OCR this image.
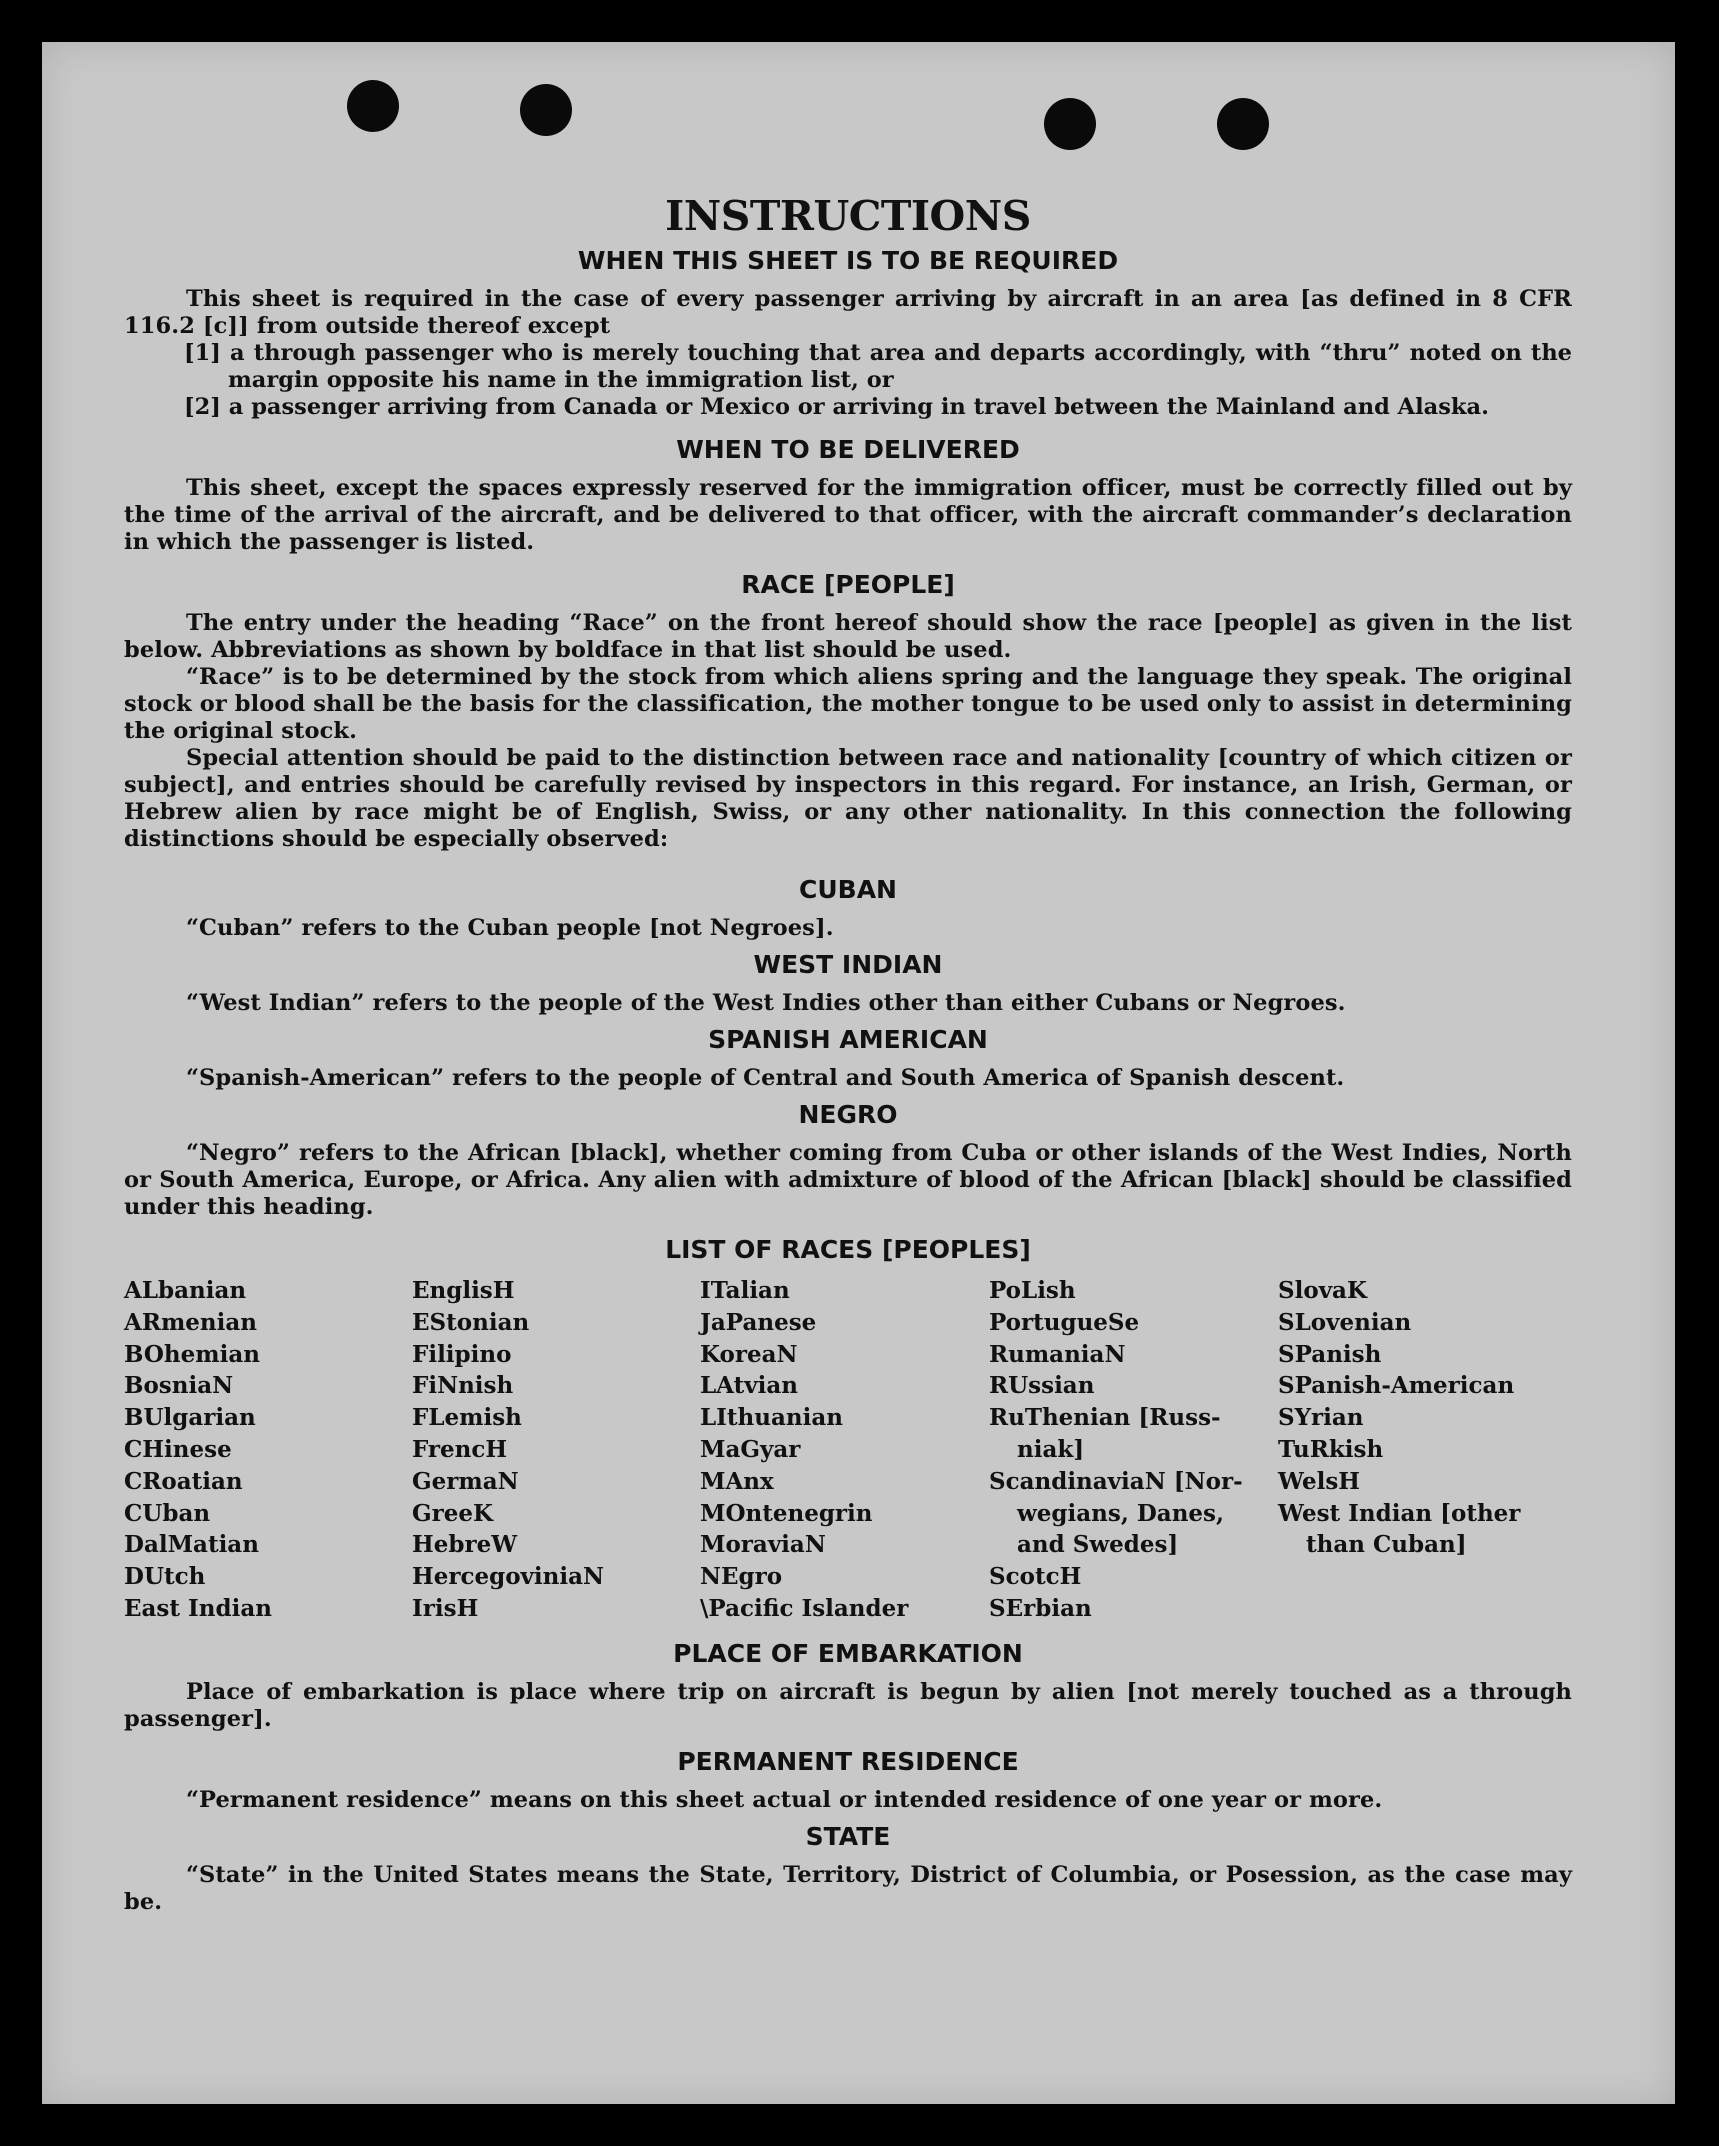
INSTRUCTIONS
WHEN THIS SHEET IS TO BE REQUIRED

This sheet is required in the case of every passenger arriving by aircraft in an area [as defined in 8 CFR 116.2 [c]] from outside thereof except

[1] a through passenger who is merely touching that area and departs accordingly, with “thru” noted on the margin opposite his name in the immigration list, or
[2] a passenger arriving from Canada or Mexico or arriving in travel between the Mainland and Alaska.
WHEN TO BE DELIVERED

This sheet, except the spaces expressly reserved for the immigration officer, must be correctly filled out by the time of the arrival of the aircraft, and be delivered to that officer, with the aircraft commander’s declaration in which the passenger is listed.

RACE [PEOPLE]

The entry under the heading “Race” on the front hereof should show the race [people] as given in the list below. Abbreviations as shown by boldface in that list should be used.

“Race” is to be determined by the stock from which aliens spring and the language they speak. The original stock or blood shall be the basis for the classification, the mother tongue to be used only to assist in determining the original stock.

Special attention should be paid to the distinction between race and nationality [country of which citizen or subject], and entries should be carefully revised by inspectors in this regard. For instance, an Irish, German, or Hebrew alien by race might be of English, Swiss, or any other nationality. In this connection the following distinctions should be especially observed:

CUBAN

“Cuban” refers to the Cuban people [not Negroes].

WEST INDIAN

“West Indian” refers to the people of the West Indies other than either Cubans or Negroes.

SPANISH AMERICAN

“Spanish-American” refers to the people of Central and South America of Spanish descent.

NEGRO

“Negro” refers to the African [black], whether coming from Cuba or other islands of the West Indies, North or South America, Europe, or Africa. Any alien with admixture of blood of the African [black] should be classified under this heading.

LIST OF RACES [PEOPLES]
ALbanian
ARmenian
BOhemian
BosniaN
BUlgarian
CHinese
CRoatian
CUban
DalMatian
DUtch
East Indian
EnglisH
EStonian
Filipino
FiNnish
FLemish
FrencH
GermaN
GreeK
HebreW
HercegoviniaN
IrisH
ITalian
JaPanese
KoreaN
LAtvian
LIthuanian
MaGyar
MAnx
MOntenegrin
MoraviaN
NEgro
\Pacific Islander
PoLish
PortugueSe
RumaniaN
RUssian
RuThenian [Russ-
niak]
ScandinaviaN [Nor-
wegians, Danes,
and Swedes]
ScotcH
SErbian
SlovaK
SLovenian
SPanish
SPanish-American
SYrian
TuRkish
WelsH
West Indian [other
than Cuban]
PLACE OF EMBARKATION

Place of embarkation is place where trip on aircraft is begun by alien [not merely touched as a through passenger].

PERMANENT RESIDENCE

“Permanent residence” means on this sheet actual or intended residence of one year or more.

STATE

“State” in the United States means the State, Territory, District of Columbia, or Posession, as the case may be.
